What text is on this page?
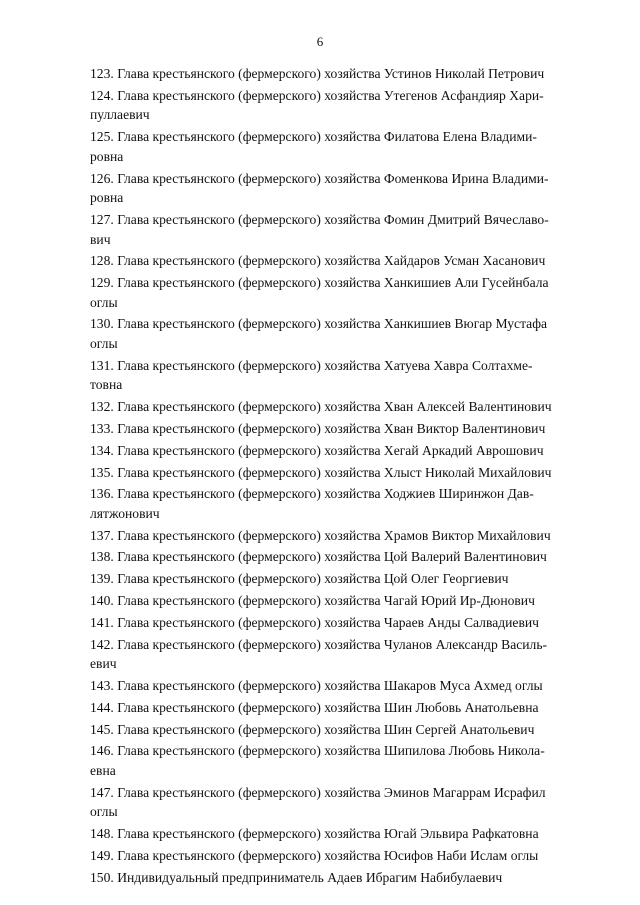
6
123. Глава крестьянского (фермерского) хозяйства Устинов Николай Петрович
124. Глава крестьянского (фермерского) хозяйства Утегенов Асфандияр Хари-
пуллаевич
125. Глава крестьянского (фермерского) хозяйства Филатова Елена Владими-
ровна
126. Глава крестьянского (фермерского) хозяйства Фоменкова Ирина Владими-
ровна
127. Глава крестьянского (фермерского) хозяйства Фомин Дмитрий Вячеславо-
вич
128. Глава крестьянского (фермерского) хозяйства Хайдаров Усман Хасанович
129. Глава крестьянского (фермерского) хозяйства Ханкишиев Али Гусейнбала
оглы
130. Глава крестьянского (фермерского) хозяйства Ханкишиев Вюгар Мустафа
оглы
131. Глава крестьянского (фермерского) хозяйства Хатуева Хавра Солтахме-
товна
132. Глава крестьянского (фермерского) хозяйства Хван Алексей Валентинович
133. Глава крестьянского (фермерского) хозяйства Хван Виктор Валентинович
134. Глава крестьянского (фермерского) хозяйства Хегай Аркадий Аврошович
135. Глава крестьянского (фермерского) хозяйства Хлыст Николай Михайлович
136. Глава крестьянского (фермерского) хозяйства Ходжиев Ширинжон Дав-
лятжонович
137. Глава крестьянского (фермерского) хозяйства Храмов Виктор Михайлович
138. Глава крестьянского (фермерского) хозяйства Цой Валерий Валентинович
139. Глава крестьянского (фермерского) хозяйства Цой Олег Георгиевич
140. Глава крестьянского (фермерского) хозяйства Чагай Юрий Ир-Дюнович
141. Глава крестьянского (фермерского) хозяйства Чараев Анды Салвадиевич
142. Глава крестьянского (фермерского) хозяйства Чуланов Александр Василь-
евич
143. Глава крестьянского (фермерского) хозяйства Шакаров Муса Ахмед оглы
144. Глава крестьянского (фермерского) хозяйства Шин Любовь Анатольевна
145. Глава крестьянского (фермерского) хозяйства Шин Сергей Анатольевич
146. Глава крестьянского (фермерского) хозяйства Шипилова Любовь Никола-
евна
147. Глава крестьянского (фермерского) хозяйства Эминов Магаррам Исрафил
оглы
148. Глава крестьянского (фермерского) хозяйства Югай Эльвира Рафкатовна
149. Глава крестьянского (фермерского) хозяйства Юсифов Наби Ислам оглы
150. Индивидуальный предприниматель Адаев Ибрагим Набибулаевич
